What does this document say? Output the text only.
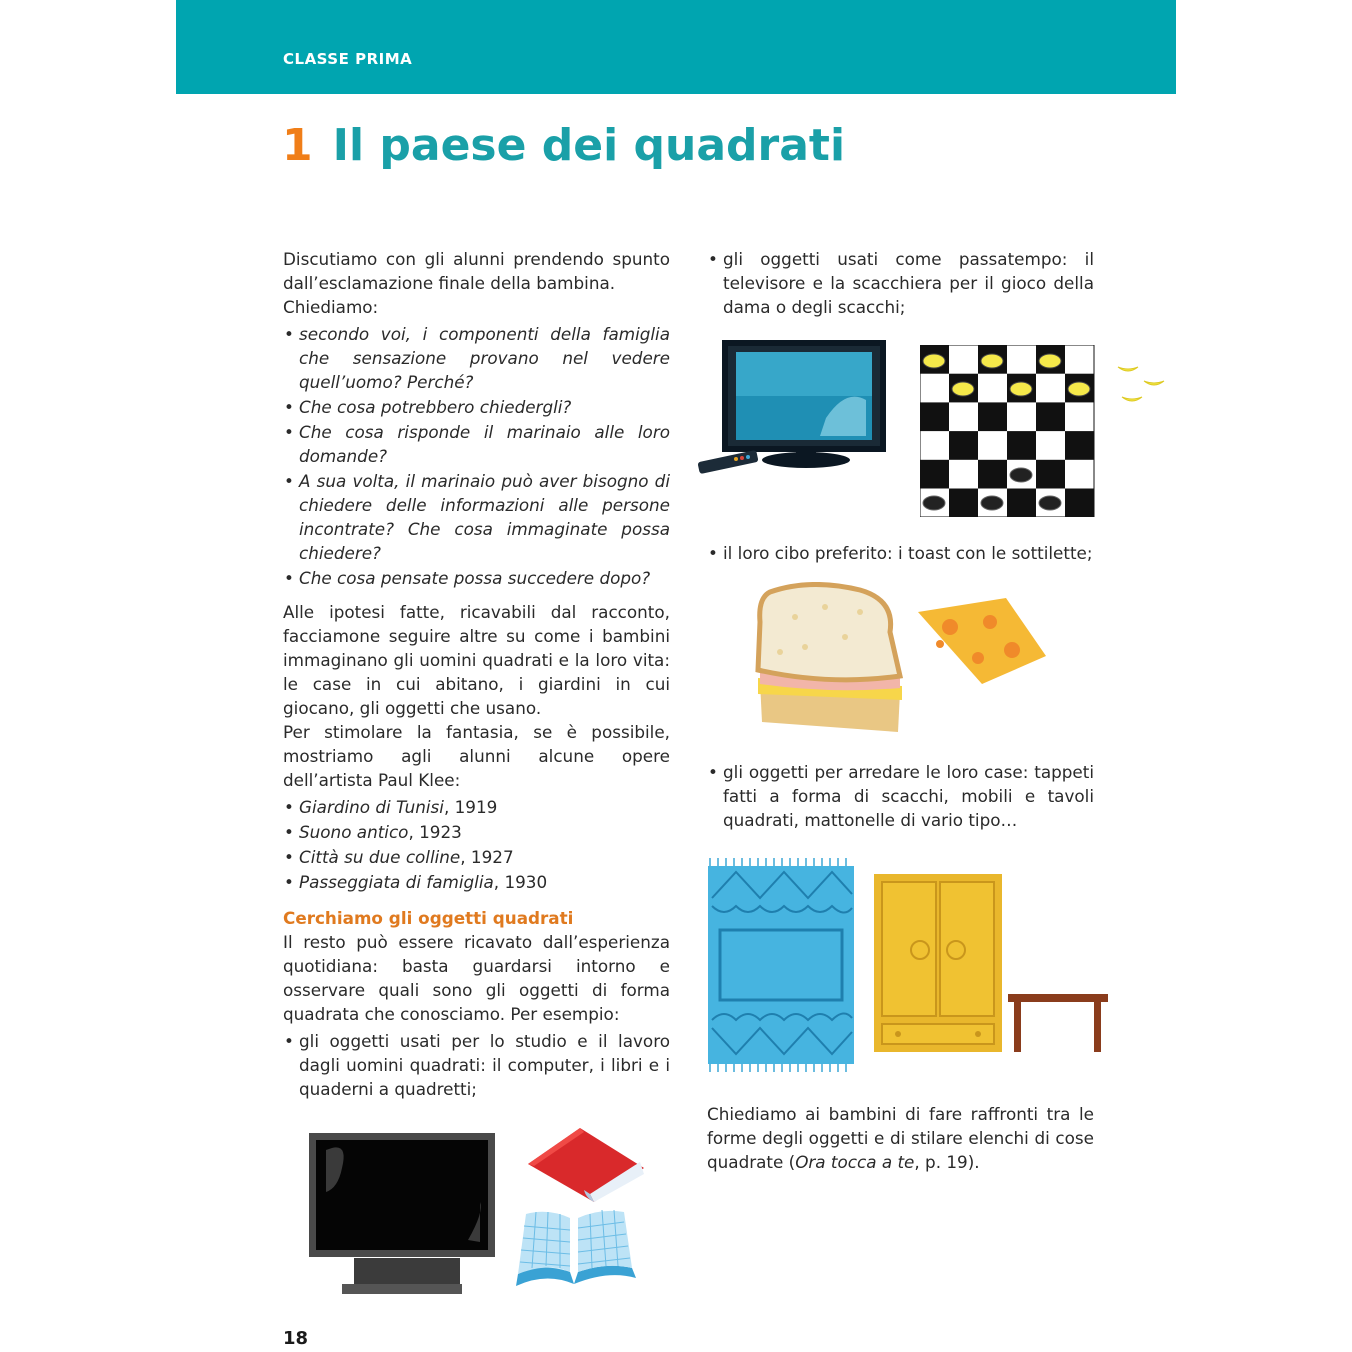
CLASSE PRIMA
1 Il paese dei quadrati

Discutiamo con gli alunni prendendo spunto dall’esclamazione finale della bambina.

Chiediamo:

• secondo voi, i componenti della famiglia che sensazione provano nel vedere quell’uomo? Perché?
• Che cosa potrebbero chiedergli?
• Che cosa risponde il marinaio alle loro domande?
• A sua volta, il marinaio può aver bisogno di chiedere delle informazioni alle persone incontrate? Che cosa immaginate possa chiedere?
• Che cosa pensate possa succedere dopo?

Alle ipotesi fatte, ricavabili dal racconto, facciamone seguire altre su come i bambini immaginano gli uomini quadrati e la loro vita: le case in cui abitano, i giardini in cui giocano, gli oggetti che usano.

Per stimolare la fantasia, se è possibile, mostriamo agli alunni alcune opere dell’artista Paul Klee:

• Giardino di Tunisi, 1919
• Suono antico, 1923
• Città su due colline, 1927
• Passeggiata di famiglia, 1930
Cerchiamo gli oggetti quadrati

Il resto può essere ricavato dall’esperienza quotidiana: basta guardarsi intorno e osservare quali sono gli oggetti di forma quadrata che conosciamo. Per esempio:

• gli oggetti usati per lo studio e il lavoro dagli uomini quadrati: il computer, i libri e i quaderni a quadretti;
• gli oggetti usati come passatempo: il televisore e la scacchiera per il gioco della dama o degli scacchi;
• il loro cibo preferito: i toast con le sottilette;
• gli oggetti per arredare le loro case: tappeti fatti a forma di scacchi, mobili e tavoli quadrati, mattonelle di vario tipo…

Chiediamo ai bambini di fare raffronti tra le forme degli oggetti e di stilare elenchi di cose quadrate (Ora tocca a te, p. 19).

18
